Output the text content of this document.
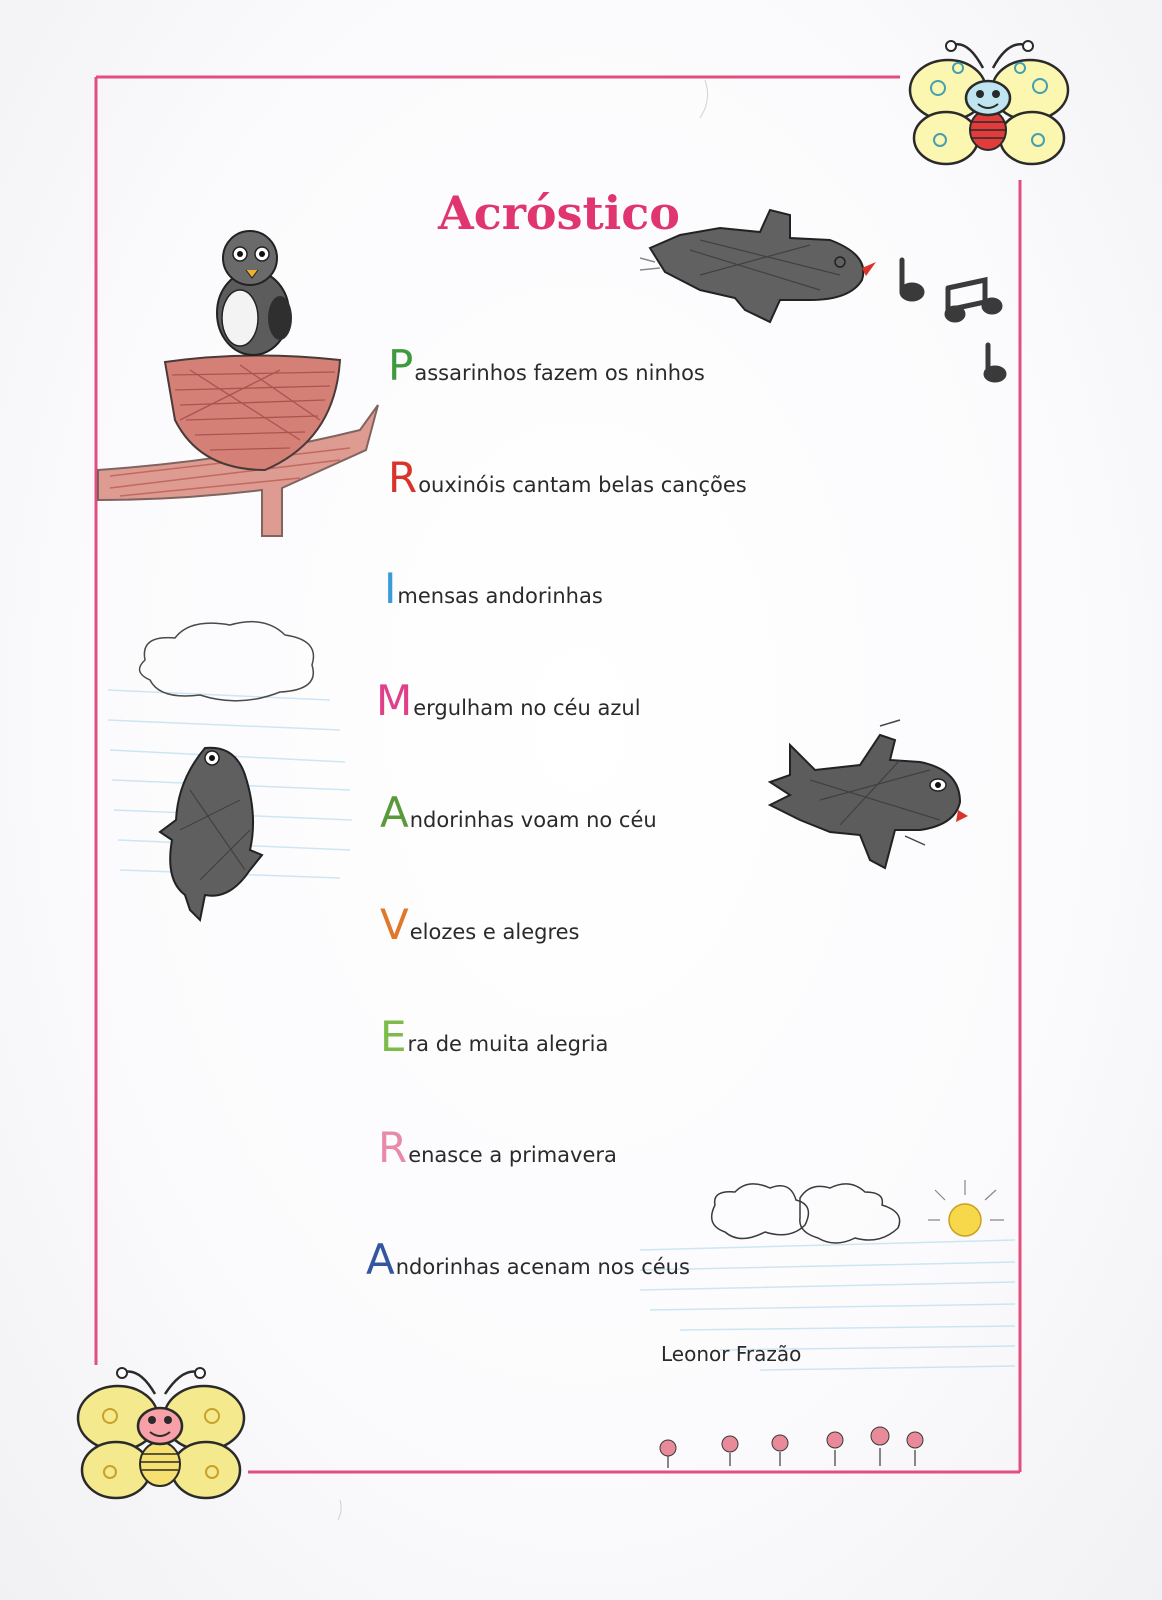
Acróstico
Passarinhos fazem os ninhos
Rouxinóis cantam belas canções
Imensas andorinhas
Mergulham no céu azul
Andorinhas voam no céu
Velozes e alegres
Era de muita alegria
Renasce a primavera
Andorinhas acenam nos céus
Leonor Frazão
